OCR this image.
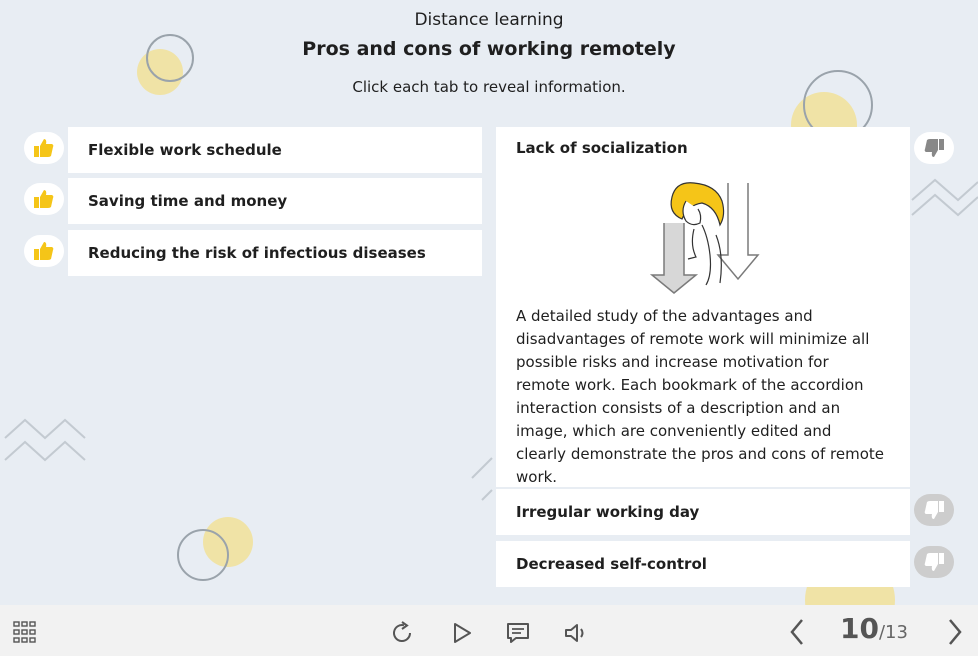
Distance learning
Pros and cons of working remotely
Click each tab to reveal information.
Flexible work schedule
Saving time and money
Reducing the risk of infectious diseases
Lack of socialization
A detailed study of the advantages and disadvantages of remote work will minimize all possible risks and increase motivation for remote work. Each bookmark of the accordion interaction consists of a description and an image, which are conveniently edited and clearly demonstrate the pros and cons of remote work.
Irregular working day
Decreased self-control
10 /13
